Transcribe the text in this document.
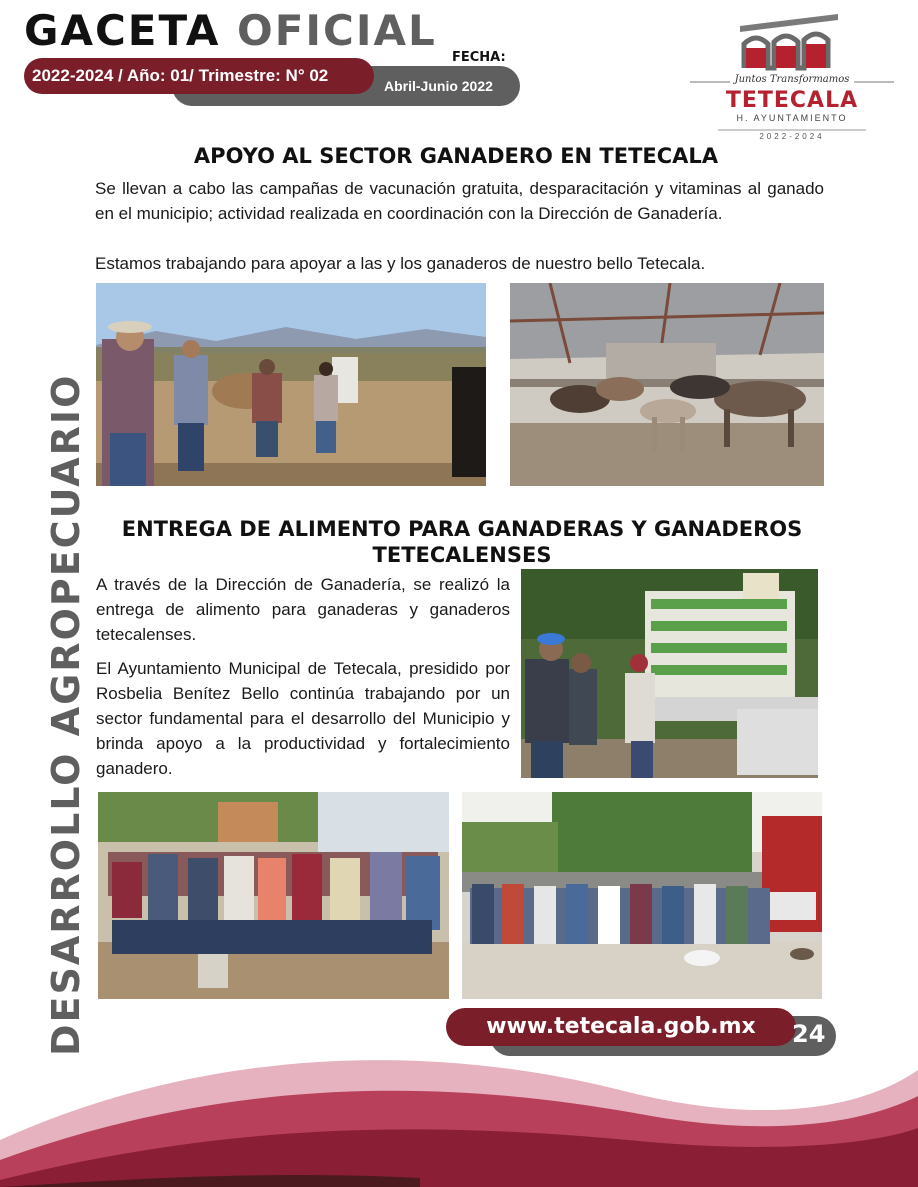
GACETA OFICIAL
2022-2024 / Año: 01/ Trimestre: N° 02
FECHA:
Abril-Junio 2022	Juntos Transformamos
TETECALA
H. AYUNTAMIENTO
2022-2024
DESARROLLO AGROPECUARIO
APOYO AL SECTOR GANADERO EN TETECALA

Se llevan a cabo las campañas de vacunación gratuita, desparacitación y vitaminas al ganado en el municipio; actividad realizada en coordinación con la Dirección de Ganadería.

Estamos trabajando para apoyar a las y los ganaderos de nuestro bello Tetecala.

ENTREGA DE ALIMENTO PARA GANADERAS Y GANADEROS TETECALENSES

A través de la Dirección de Ganadería, se realizó la entrega de alimento para ganaderas y ganaderos tetecalenses.

El Ayuntamiento Municipal de Tetecala, presidido por Rosbelia Benítez Bello continúa trabajando por un sector fundamental para el desarrollo del Municipio y brinda apoyo a la productividad y fortalecimiento ganadero.

www.tetecala.gob.mx	24
